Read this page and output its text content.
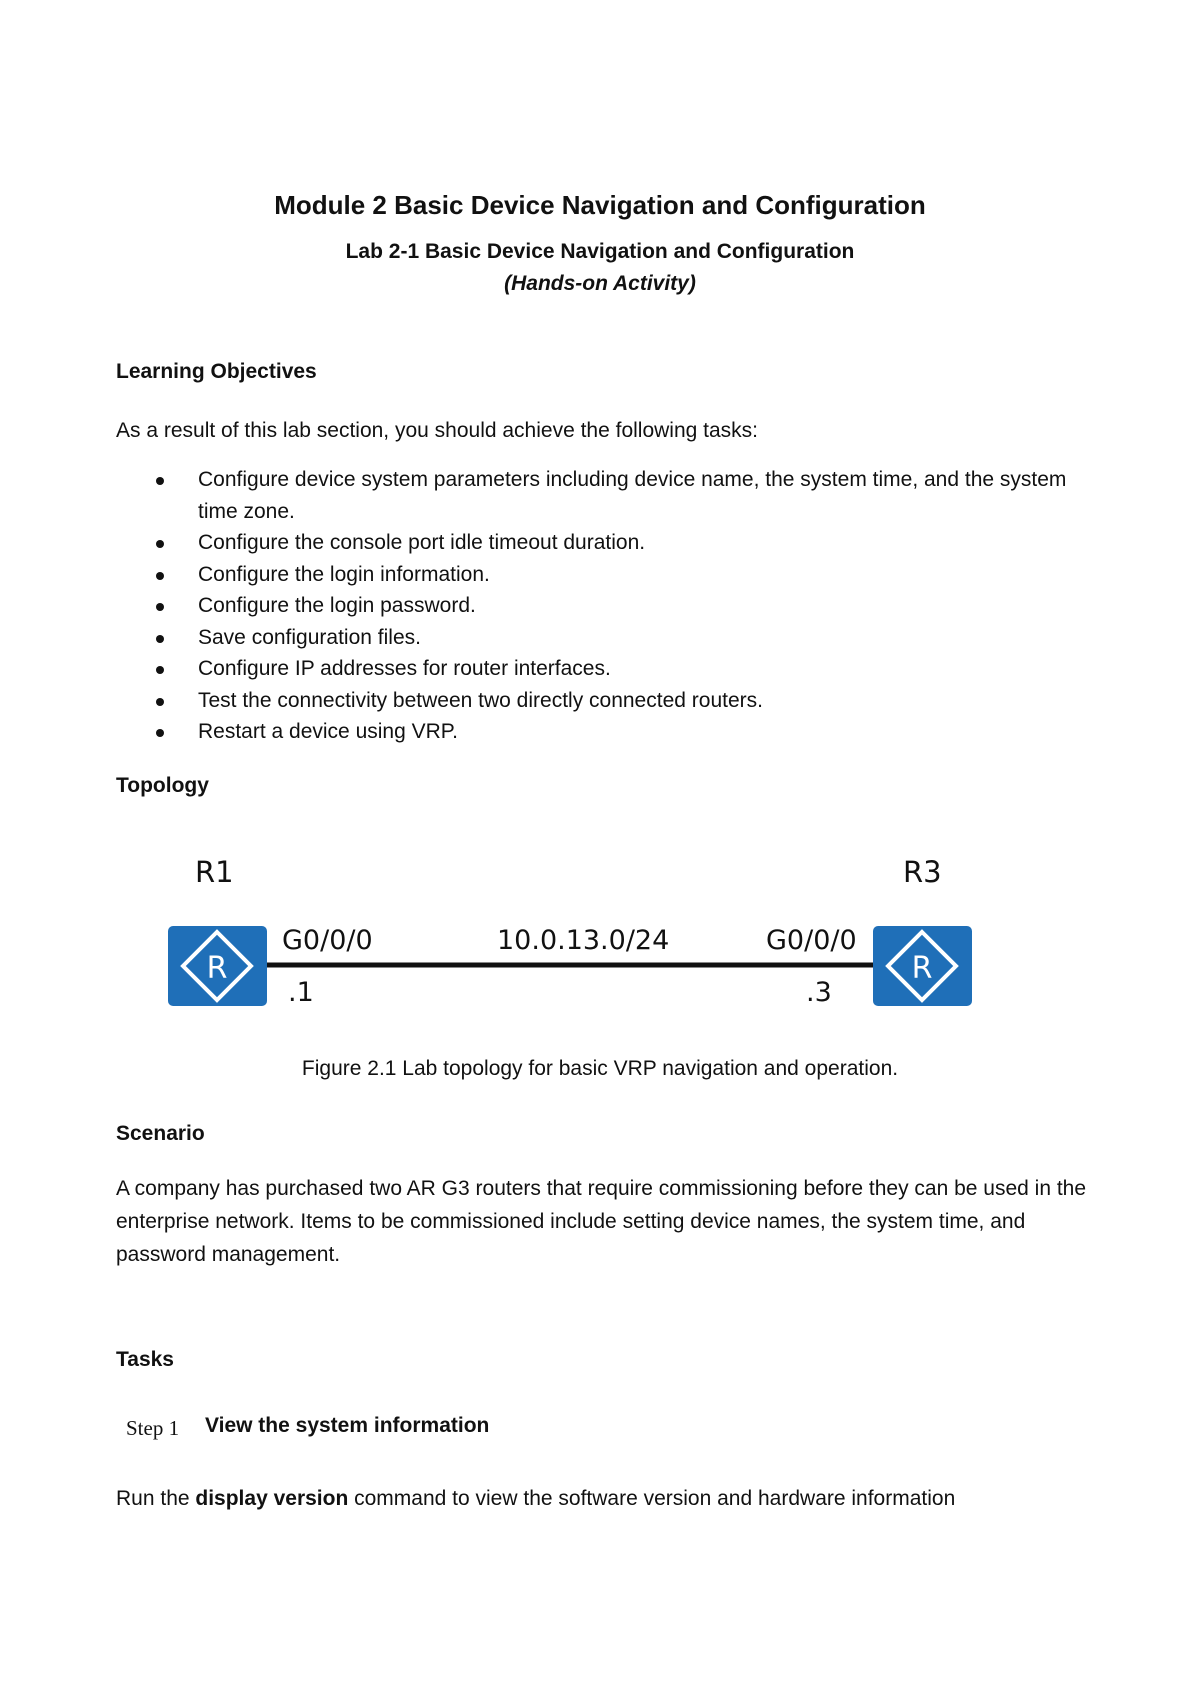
Module 2 Basic Device Navigation and Configuration
Lab 2-1 Basic Device Navigation and Configuration
(Hands-on Activity)
Learning Objectives
As a result of this lab section, you should achieve the following tasks:
Configure device system parameters including device name, the system time, and the system time zone.
Configure the console port idle timeout duration.
Configure the login information.
Configure the login password.
Save configuration files.
Configure IP addresses for router interfaces.
Test the connectivity between two directly connected routers.
Restart a device using VRP.
Topology
R1	R3
R	R
G0/0/0	10.0.13.0/24	G0/0/0
.1	.3
Figure 2.1 Lab topology for basic VRP navigation and operation.
Scenario
A company has purchased two AR G3 routers that require commissioning before they can be used in the enterprise network. Items to be commissioned include setting device names, the system time, and password management.
Tasks
Step 1 View the system information
Run the display version command to view the software version and hardware information
